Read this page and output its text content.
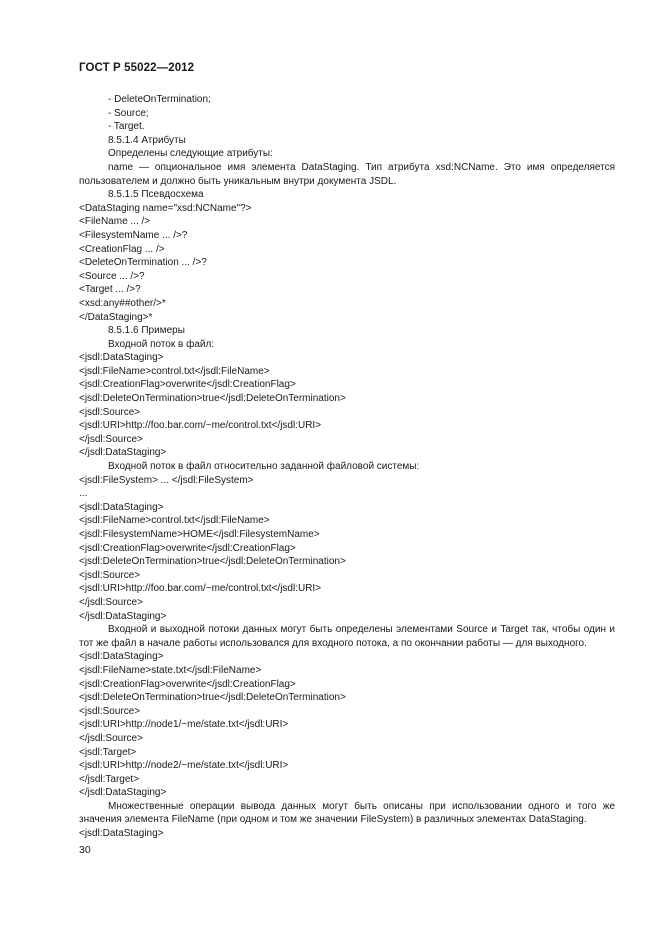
ГОСТ Р 55022—2012
- DeleteOnTermination;
- Source;
- Target.
8.5.1.4 Атрибуты
Определены следующие атрибуты:
name — опциональное имя элемента DataStaging. Тип атрибута xsd:NCName. Это имя определяется пользователем и должно быть уникальным внутри документа JSDL.
8.5.1.5 Псевдосхема
<DataStaging name="xsd:NCName"?>
<FileName ... />
<FilesystemName ... />?
<CreationFlag ... />
<DeleteOnTermination ... />?
<Source ... />?
<Target ... />?
<xsd:any##other/>*
</DataStaging>*
8.5.1.6 Примеры
Входной поток в файл:
<jsdl:DataStaging>
<jsdl:FileName>control.txt</jsdl:FileName>
<jsdl:CreationFlag>overwrite</jsdl:CreationFlag>
<jsdl:DeleteOnTermination>true</jsdl:DeleteOnTermination>
<jsdl:Source>
<jsdl:URI>http://foo.bar.com/~me/control.txt</jsdl:URI>
</jsdl:Source>
</jsdl:DataStaging>
Входной поток в файл относительно заданной файловой системы:
<jsdl:FileSystem> ... </jsdl:FileSystem>
...
<jsdl:DataStaging>
<jsdl:FileName>control.txt</jsdl:FileName>
<jsdl:FilesystemName>HOME</jsdl:FilesystemName>
<jsdl:CreationFlag>overwrite</jsdl:CreationFlag>
<jsdl:DeleteOnTermination>true</jsdl:DeleteOnTermination>
<jsdl:Source>
<jsdl:URI>http://foo.bar.com/~me/control.txt</jsdl:URI>
</jsdl:Source>
</jsdl:DataStaging>
Входной и выходной потоки данных могут быть определены элементами Source и Target так, чтобы один и тот же файл в начале работы использовался для входного потока, а по окончании работы — для выходного.
<jsdl:DataStaging>
<jsdl:FileName>state.txt</jsdl:FileName>
<jsdl:CreationFlag>overwrite</jsdl:CreationFlag>
<jsdl:DeleteOnTermination>true</jsdl:DeleteOnTermination>
<jsdl:Source>
<jsdl:URI>http://node1/~me/state.txt</jsdl:URI>
</jsdl:Source>
<jsdl:Target>
<jsdl:URI>http://node2/~me/state.txt</jsdl:URI>
</jsdl:Target>
</jsdl:DataStaging>
Множественные операции вывода данных могут быть описаны при использовании одного и того же значения элемента FileName (при одном и том же значении FileSystem) в различных элементах DataStaging.
<jsdl:DataStaging>
30
